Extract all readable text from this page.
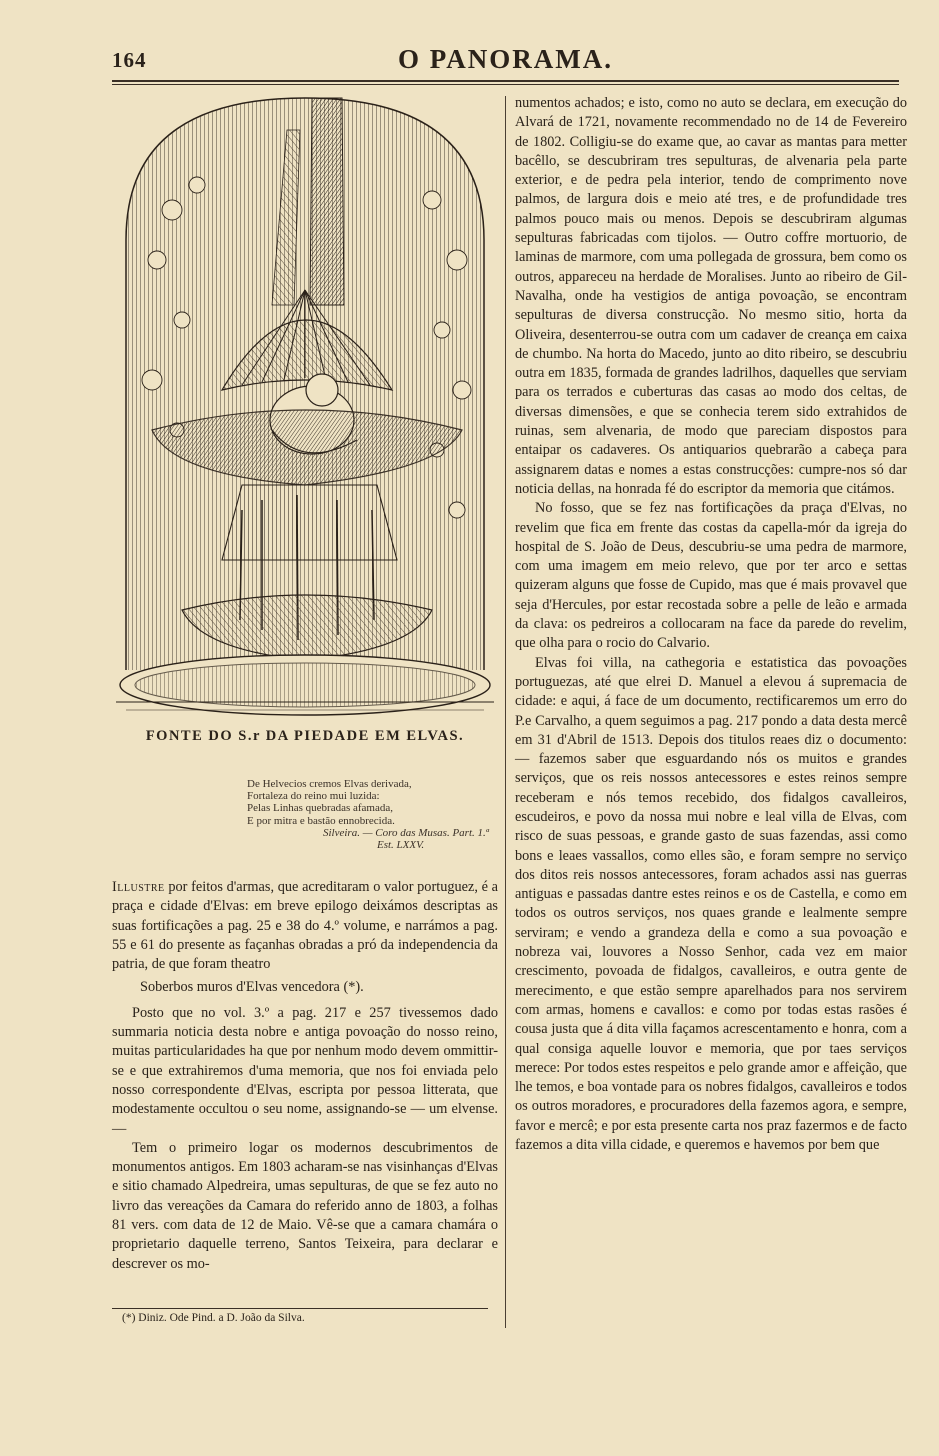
164	O PANORAMA.
FONTE DO S.r DA PIEDADE EM ELVAS.
De Helvecios cremos Elvas derivada,
Fortaleza do reino mui luzida:
Pelas Linhas quebradas afamada,
E por mitra e bastão ennobrecida.
Silveira. — Coro das Musas. Part. 1.ª
Est. LXXV.

Illustre por feitos d'armas, que acreditaram o valor portuguez, é a praça e cidade d'Elvas: em breve epilogo deixámos descriptas as suas fortificações a pag. 25 e 38 do 4.º volume, e narrámos a pag. 55 e 61 do presente as façanhas obradas a pró da independencia da patria, de que foram theatro

Soberbos muros d'Elvas vencedora (*).

Posto que no vol. 3.º a pag. 217 e 257 tivessemos dado summaria noticia desta nobre e antiga povoação do nosso reino, muitas particularidades ha que por nenhum modo devem ommittir-se e que extrahiremos d'uma memoria, que nos foi enviada pelo nosso correspondente d'Elvas, escripta por pessoa litterata, que modestamente occultou o seu nome, assignando-se — um elvense. —

Tem o primeiro logar os modernos descubrimentos de monumentos antigos. Em 1803 acharam-se nas visinhanças d'Elvas e sitio chamado Alpedreira, umas sepulturas, de que se fez auto no livro das vereações da Camara do referido anno de 1803, a folhas 81 vers. com data de 12 de Maio. Vê-se que a camara chamára o proprietario daquelle terreno, Santos Teixeira, para declarar e descrever os mo-

(*) Diniz. Ode Pind. a D. João da Silva.

numentos achados; e isto, como no auto se declara, em execução do Alvará de 1721, novamente recommendado no de 14 de Fevereiro de 1802. Colligiu-se do exame que, ao cavar as mantas para metter bacêllo, se descubriram tres sepulturas, de alvenaria pela parte exterior, e de pedra pela interior, tendo de comprimento nove palmos, de largura dois e meio até tres, e de profundidade tres palmos pouco mais ou menos. Depois se descubriram algumas sepulturas fabricadas com tijolos. — Outro coffre mortuorio, de laminas de marmore, com uma pollegada de grossura, bem como os outros, appareceu na herdade de Moralises. Junto ao ribeiro de Gil-Navalha, onde ha vestigios de antiga povoação, se encontram sepulturas de diversa construcção. No mesmo sitio, horta da Oliveira, desenterrou-se outra com um cadaver de creança em caixa de chumbo. Na horta do Macedo, junto ao dito ribeiro, se descubriu outra em 1835, formada de grandes ladrilhos, daquelles que serviam para os terrados e cuberturas das casas ao modo dos celtas, de diversas dimensões, e que se conhecia terem sido extrahidos de ruinas, sem alvenaria, de modo que pareciam dispostos para entaipar os cadaveres. Os antiquarios quebrarão a cabeça para assignarem datas e nomes a estas construcções: cumpre-nos só dar noticia dellas, na honrada fé do escriptor da memoria que citámos.

No fosso, que se fez nas fortificações da praça d'Elvas, no revelim que fica em frente das costas da capella-mór da igreja do hospital de S. João de Deus, descubriu-se uma pedra de marmore, com uma imagem em meio relevo, que por ter arco e settas quizeram alguns que fosse de Cupido, mas que é mais provavel que seja d'Hercules, por estar recostada sobre a pelle de leão e armada da clava: os pedreiros a collocaram na face da parede do revelim, que olha para o rocio do Calvario.

Elvas foi villa, na cathegoria e estatistica das povoações portuguezas, até que elrei D. Manuel a elevou á supremacia de cidade: e aqui, á face de um documento, rectificaremos um erro do P.e Carvalho, a quem seguimos a pag. 217 pondo a data desta mercê em 31 d'Abril de 1513. Depois dos titulos reaes diz o documento: — fazemos saber que esguardando nós os muitos e grandes serviços, que os reis nossos antecessores e estes reinos sempre receberam e nós temos recebido, dos fidalgos cavalleiros, escudeiros, e povo da nossa mui nobre e leal villa de Elvas, com risco de suas pessoas, e grande gasto de suas fazendas, assi como bons e leaes vassallos, como elles são, e foram sempre no serviço dos ditos reis nossos antecessores, foram achados assi nas guerras antiguas e passadas dantre estes reinos e os de Castella, e como em todos os outros serviços, nos quaes grande e lealmente sempre serviram; e vendo a grandeza della e como a sua povoação e nobreza vai, louvores a Nosso Senhor, cada vez em maior crescimento, povoada de fidalgos, cavalleiros, e outra gente de merecimento, e que estão sempre aparelhados para nos servirem com armas, homens e cavallos: e como por todas estas rasões é cousa justa que á dita villa façamos acrescentamento e honra, com a qual consiga aquelle louvor e memoria, que por taes serviços merece: Por todos estes respeitos e pelo grande amor e affeição, que lhe temos, e boa vontade para os nobres fidalgos, cavalleiros e todos os outros moradores, e procuradores della fazemos agora, e sempre, favor e mercê; e por esta presente carta nos praz fazermos e de facto fazemos a dita villa cidade, e queremos e havemos por bem que
